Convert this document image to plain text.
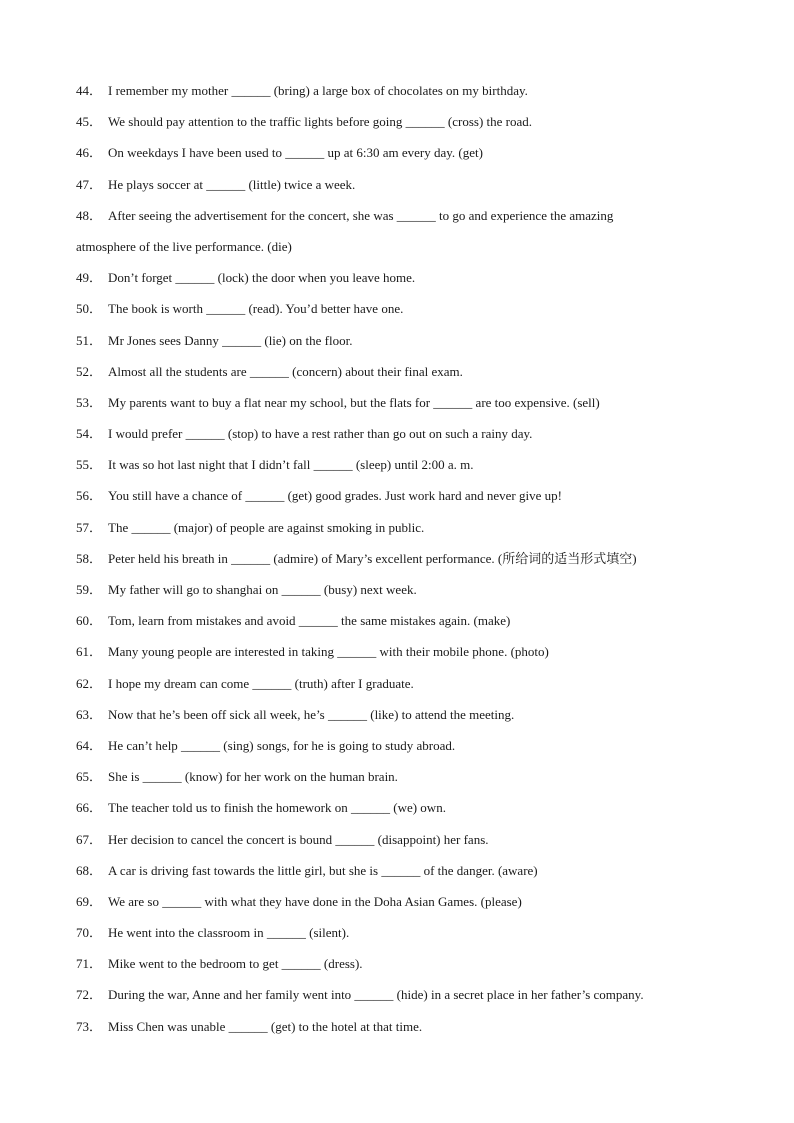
44． I remember my mother ______ (bring) a large box of chocolates on my birthday.
45． We should pay attention to the traffic lights before going ______ (cross) the road.
46． On weekdays I have been used to ______ up at 6:30 am every day. (get)
47． He plays soccer at ______ (little) twice a week.
48． After seeing the advertisement for the concert, she was ______ to go and experience the amazing
atmosphere of the live performance. (die)
49． Don’t forget ______ (lock) the door when you leave home.
50． The book is worth ______ (read). You’d better have one.
51． Mr Jones sees Danny ______ (lie) on the floor.
52． Almost all the students are ______ (concern) about their final exam.
53． My parents want to buy a flat near my school, but the flats for ______ are too expensive. (sell)
54． I would prefer ______ (stop) to have a rest rather than go out on such a rainy day.
55． It was so hot last night that I didn’t fall ______ (sleep) until 2:00 a. m.
56． You still have a chance of ______ (get) good grades. Just work hard and never give up!
57． The ______ (major) of people are against smoking in public.
58． Peter held his breath in ______ (admire) of Mary’s excellent performance. (所给词的适当形式填空)
59． My father will go to shanghai on ______ (busy) next week.
60． Tom, learn from mistakes and avoid ______ the same mistakes again. (make)
61． Many young people are interested in taking ______ with their mobile phone. (photo)
62． I hope my dream can come ______ (truth) after I graduate.
63． Now that he’s been off sick all week, he’s ______ (like) to attend the meeting.
64． He can’t help ______ (sing) songs, for he is going to study abroad.
65． She is ______ (know) for her work on the human brain.
66． The teacher told us to finish the homework on ______ (we) own.
67． Her decision to cancel the concert is bound ______ (disappoint) her fans.
68． A car is driving fast towards the little girl, but she is ______ of the danger. (aware)
69． We are so ______ with what they have done in the Doha Asian Games. (please)
70． He went into the classroom in ______ (silent).
71． Mike went to the bedroom to get ______ (dress).
72． During the war, Anne and her family went into ______ (hide) in a secret place in her father’s company.
73． Miss Chen was unable ______ (get) to the hotel at that time.
